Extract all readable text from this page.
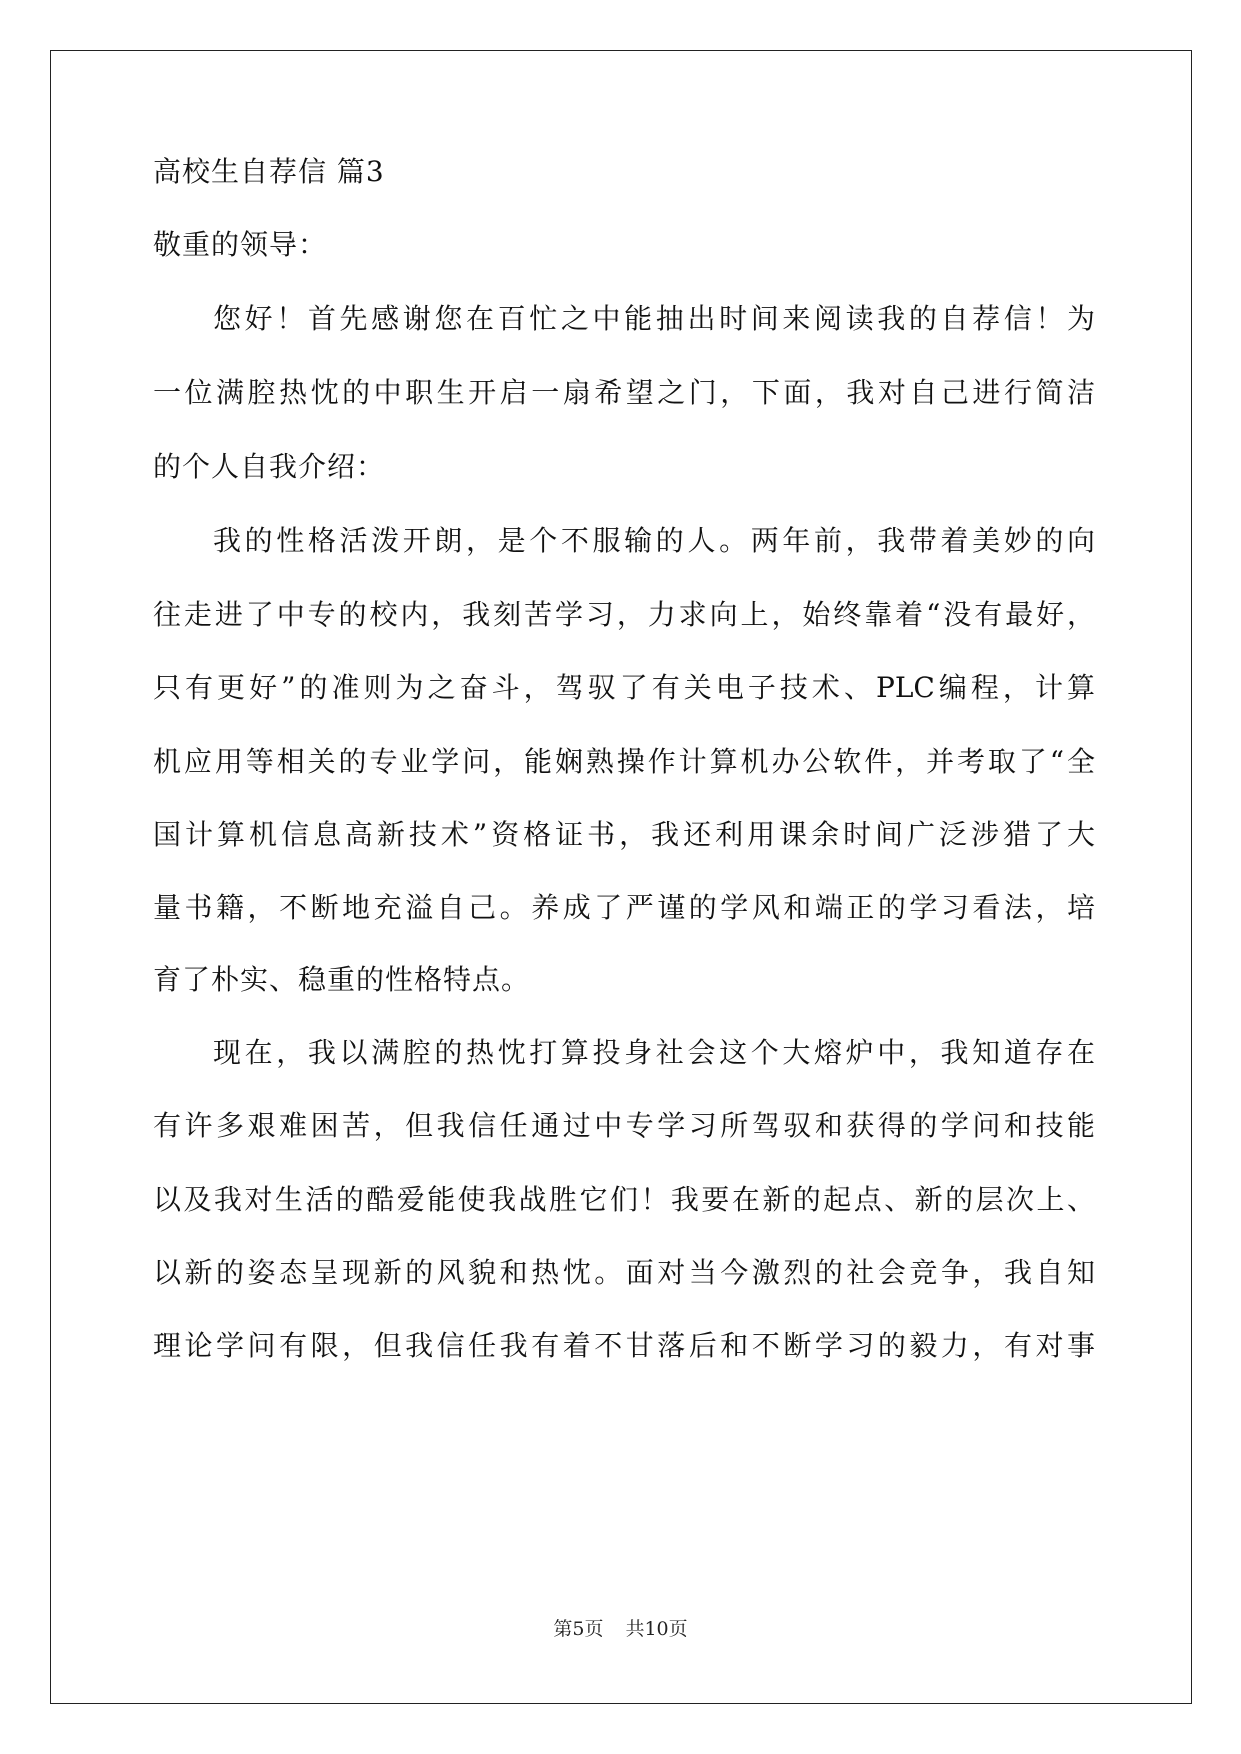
高校生自荐信 篇3
敬重的领导：
您好！首先感谢您在百忙之中能抽出时间来阅读我的自荐信！为
一位满腔热忱的中职生开启一扇希望之门，下面，我对自己进行简洁
的个人自我介绍：
我的性格活泼开朗，是个不服输的人。两年前，我带着美妙的向
往走进了中专的校内，我刻苦学习，力求向上，始终靠着“没有最好，
只有更好”的准则为之奋斗，驾驭了有关电子技术、PLC编程，计算
机应用等相关的专业学问，能娴熟操作计算机办公软件，并考取了“全
国计算机信息高新技术”资格证书，我还利用课余时间广泛涉猎了大
量书籍，不断地充溢自己。养成了严谨的学风和端正的学习看法，培
育了朴实、稳重的性格特点。
现在，我以满腔的热忱打算投身社会这个大熔炉中，我知道存在
有许多艰难困苦，但我信任通过中专学习所驾驭和获得的学问和技能
以及我对生活的酷爱能使我战胜它们！我要在新的起点、新的层次上、
以新的姿态呈现新的风貌和热忱。面对当今激烈的社会竞争，我自知
理论学问有限，但我信任我有着不甘落后和不断学习的毅力，有对事
第5页 共10页
